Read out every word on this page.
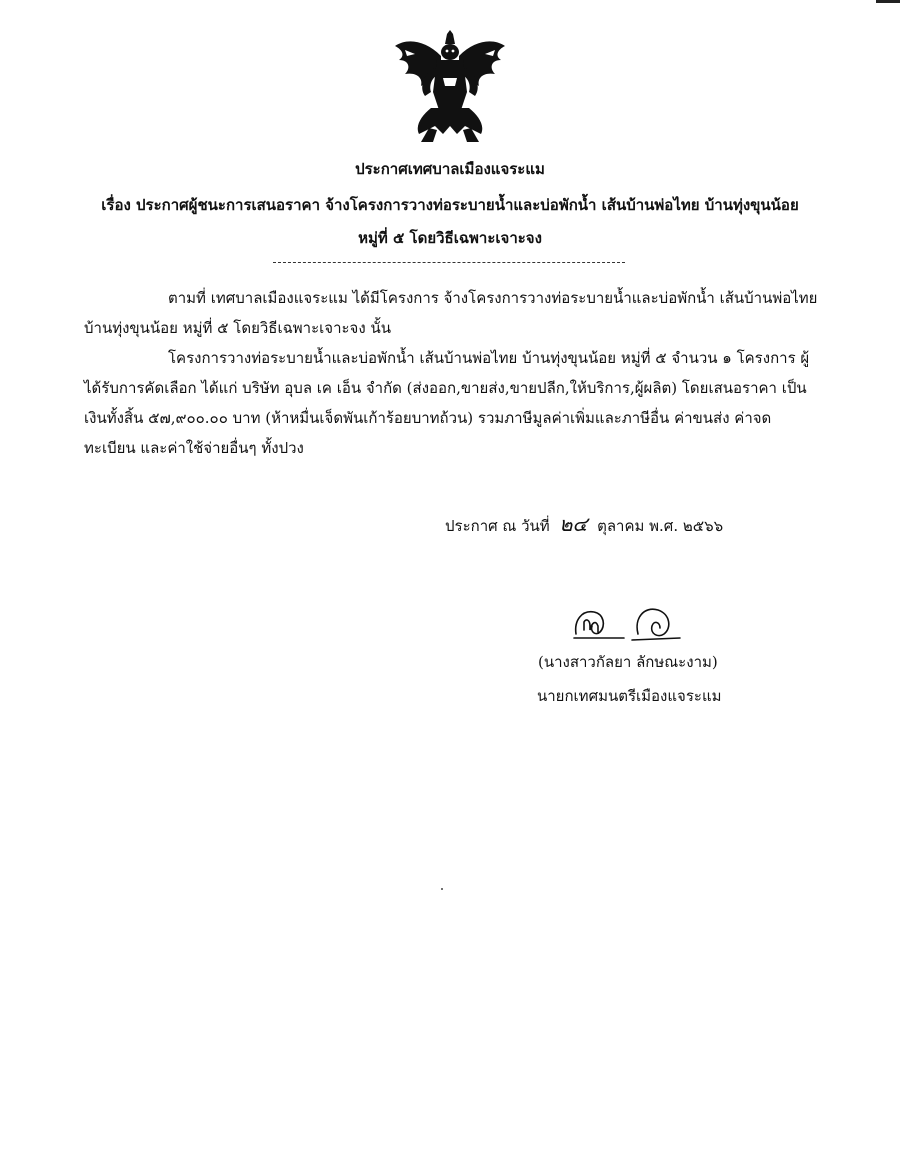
ประกาศเทศบาลเมืองแจระแม
เรื่อง ประกาศผู้ชนะการเสนอราคา จ้างโครงการวางท่อระบายน้ำและบ่อพักน้ำ เส้นบ้านพ่อไทย บ้านทุ่งขุนน้อย
หมู่ที่ ๕ โดยวิธีเฉพาะเจาะจง

ตามที่ เทศบาลเมืองแจระแม ได้มีโครงการ จ้างโครงการวางท่อระบายน้ำและบ่อพักน้ำ เส้นบ้านพ่อไทย

บ้านทุ่งขุนน้อย หมู่ที่ ๕ โดยวิธีเฉพาะเจาะจง นั้น

โครงการวางท่อระบายน้ำและบ่อพักน้ำ เส้นบ้านพ่อไทย บ้านทุ่งขุนน้อย หมู่ที่ ๕ จำนวน ๑ โครงการ ผู้

ได้รับการคัดเลือก ได้แก่ บริษัท อุบล เค เอ็น จำกัด (ส่งออก,ขายส่ง,ขายปลีก,ให้บริการ,ผู้ผลิต) โดยเสนอราคา เป็น

เงินทั้งสิ้น ๕๗,๙๐๐.๐๐ บาท (ห้าหมื่นเจ็ดพันเก้าร้อยบาทถ้วน) รวมภาษีมูลค่าเพิ่มและภาษีอื่น ค่าขนส่ง ค่าจด

ทะเบียน และค่าใช้จ่ายอื่นๆ ทั้งปวง

ประกาศ ณ วันที่ ๒๔ ตุลาคม พ.ศ. ๒๕๖๖
(นางสาวกัลยา ลักษณะงาม)
นายกเทศมนตรีเมืองแจระแม
